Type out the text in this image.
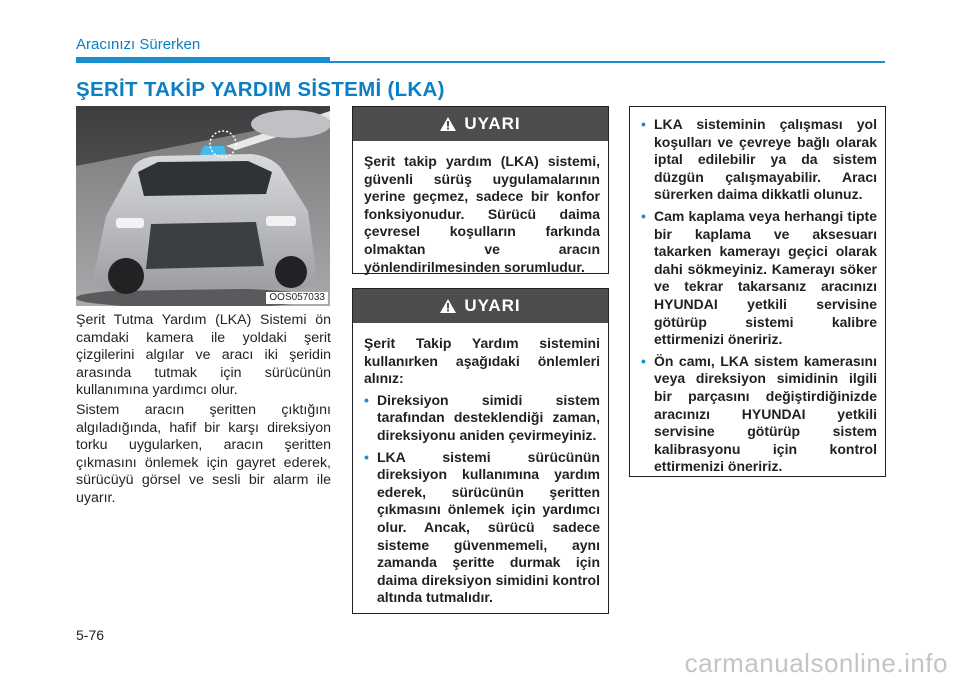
Aracınızı Sürerken
ŞERİT TAKİP YARDIM SİSTEMİ (LKA)
OOS057033

Şerit Tutma Yardım (LKA) Sistemi ön camdaki kamera ile yoldaki şerit çizgilerini algılar ve aracı iki şeridin arasında tutmak için sürücünün kullanımına yardımcı olur.

Sistem aracın şeritten çıktığını algıladığında, hafif bir karşı direksiyon torku uygularken, aracın şeritten çıkmasını önlemek için gayret ederek, sürücüyü görsel ve sesli bir alarm ile uyarır.

UYARI

Şerit takip yardım (LKA) sistemi, güvenli sürüş uygulamalarının yerine geçmez, sadece bir konfor fonksiyonudur. Sürücü daima çevresel koşulların farkında olmaktan ve aracın yönlendirilmesinden sorumludur.

UYARI

Şerit Takip Yardım sistemini kullanırken aşağıdaki önlemleri alınız:

• Direksiyon simidi sistem tarafından desteklendiği zaman, direksiyonu aniden çevirmeyiniz.
• LKA sistemi sürücünün direksiyon kullanımına yardım ederek, sürücünün şeritten çıkmasını önlemek için yardımcı olur. Ancak, sürücü sadece sisteme güvenmemeli, aynı zamanda şeritte durmak için daima direksiyon simidini kontrol altında tutmalıdır.
• LKA sisteminin çalışması yol koşulları ve çevreye bağlı olarak iptal edilebilir ya da sistem düzgün çalışmayabilir. Aracı sürerken daima dikkatli olunuz.
• Cam kaplama veya herhangi tipte bir kaplama ve aksesuarı takarken kamerayı geçici olarak dahi sökmeyiniz. Kamerayı söker ve tekrar takarsanız aracınızı HYUNDAI yetkili servisine götürüp sistemi kalibre ettirmenizi öneririz.
• Ön camı, LKA sistem kamerasını veya direksiyon simidinin ilgili bir parçasını değiştirdiğinizde aracınızı HYUNDAI yetkili servisine götürüp sistem kalibrasyonu için kontrol ettirmenizi öneririz.
5-76
carmanualsonline.info
